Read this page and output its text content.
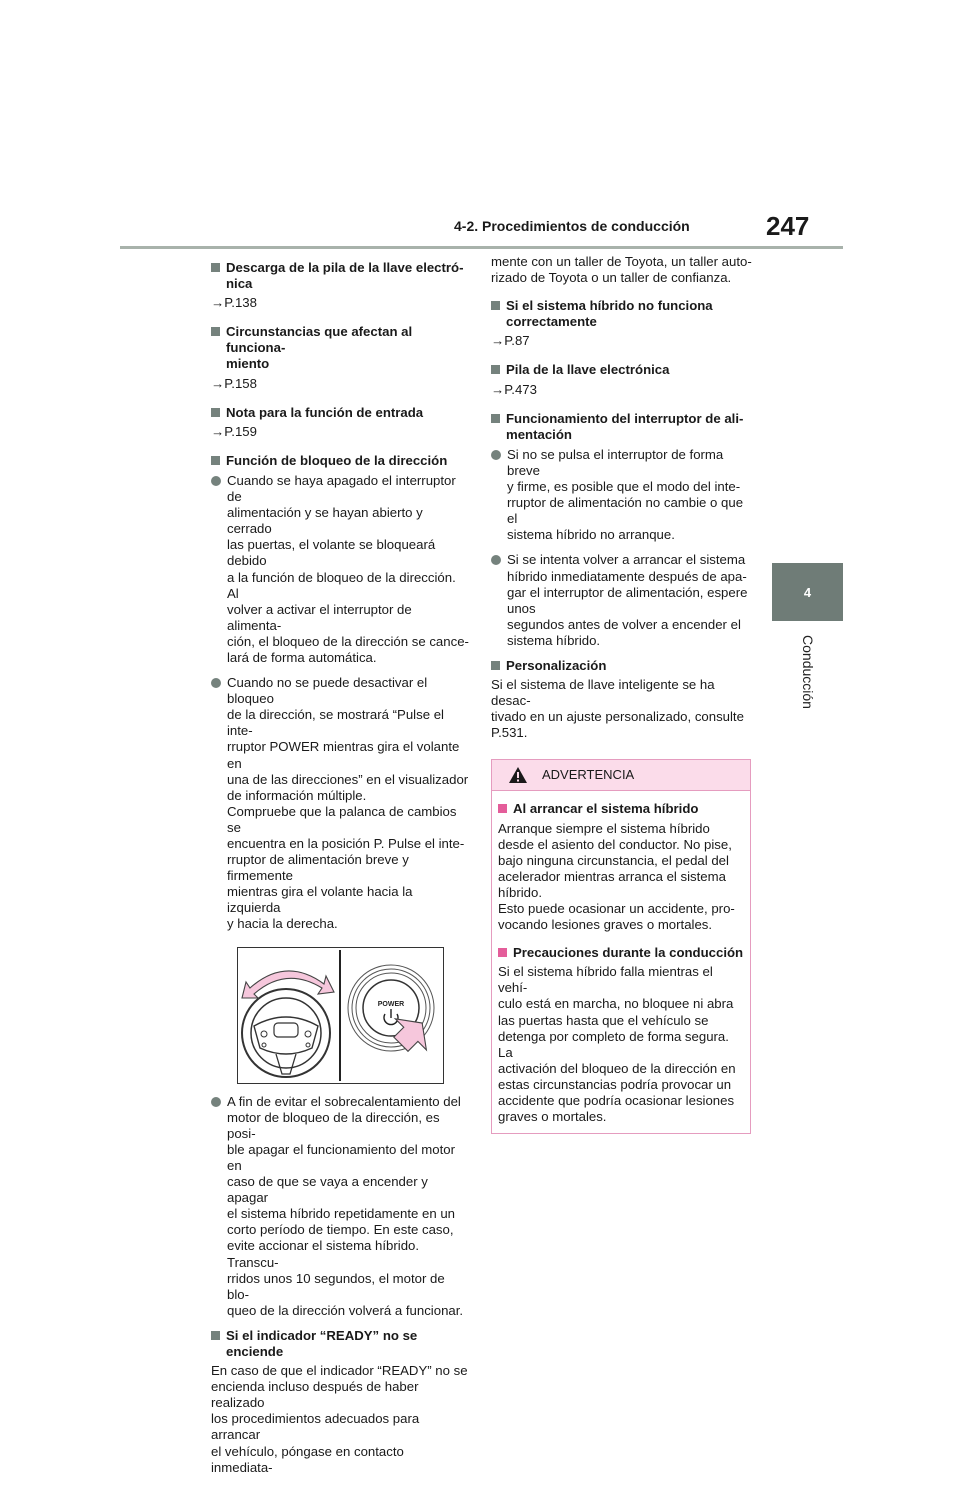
4-2. Procedimientos de conducción	247
4
Conducción
Descarga de la pila de la llave electró-
nica
→P.138
Circunstancias que afectan al funciona-
miento
→P.158
Nota para la función de entrada
→P.159
Función de bloqueo de la dirección
Cuando se haya apagado el interruptor de
alimentación y se hayan abierto y cerrado
las puertas, el volante se bloqueará debido
a la función de bloqueo de la dirección. Al
volver a activar el interruptor de alimenta-
ción, el bloqueo de la dirección se cance-
lará de forma automática.
Cuando no se puede desactivar el bloqueo
de la dirección, se mostrará “Pulse el inte-
rruptor POWER mientras gira el volante en
una de las direcciones” en el visualizador
de información múltiple.
Compruebe que la palanca de cambios se
encuentra en la posición P. Pulse el inte-
rruptor de alimentación breve y firmemente
mientras gira el volante hacia la izquierda
y hacia la derecha.
POWER
A fin de evitar el sobrecalentamiento del
motor de bloqueo de la dirección, es posi-
ble apagar el funcionamiento del motor en
caso de que se vaya a encender y apagar
el sistema híbrido repetidamente en un
corto período de tiempo. En este caso,
evite accionar el sistema híbrido. Transcu-
rridos unos 10 segundos, el motor de blo-
queo de la dirección volverá a funcionar.
Si el indicador “READY” no se enciende
En caso de que el indicador “READY” no se
encienda incluso después de haber realizado
los procedimientos adecuados para arrancar
el vehículo, póngase en contacto inmediata-
mente con un taller de Toyota, un taller auto-
rizado de Toyota o un taller de confianza.
Si el sistema híbrido no funciona
correctamente
→P.87
Pila de la llave electrónica
→P.473
Funcionamiento del interruptor de ali-
mentación
Si no se pulsa el interruptor de forma breve
y firme, es posible que el modo del inte-
rruptor de alimentación no cambie o que el
sistema híbrido no arranque.
Si se intenta volver a arrancar el sistema
híbrido inmediatamente después de apa-
gar el interruptor de alimentación, espere unos
segundos antes de volver a encender el
sistema híbrido.
Personalización
Si el sistema de llave inteligente se ha desac-
tivado en un ajuste personalizado, consulte
P.531.
ADVERTENCIA
Al arrancar el sistema híbrido
Arranque siempre el sistema híbrido
desde el asiento del conductor. No pise,
bajo ninguna circunstancia, el pedal del
acelerador mientras arranca el sistema
híbrido.
Esto puede ocasionar un accidente, pro-
vocando lesiones graves o mortales.
Precauciones durante la conducción
Si el sistema híbrido falla mientras el vehí-
culo está en marcha, no bloquee ni abra
las puertas hasta que el vehículo se
detenga por completo de forma segura. La
activación del bloqueo de la dirección en
estas circunstancias podría provocar un
accidente que podría ocasionar lesiones
graves o mortales.
